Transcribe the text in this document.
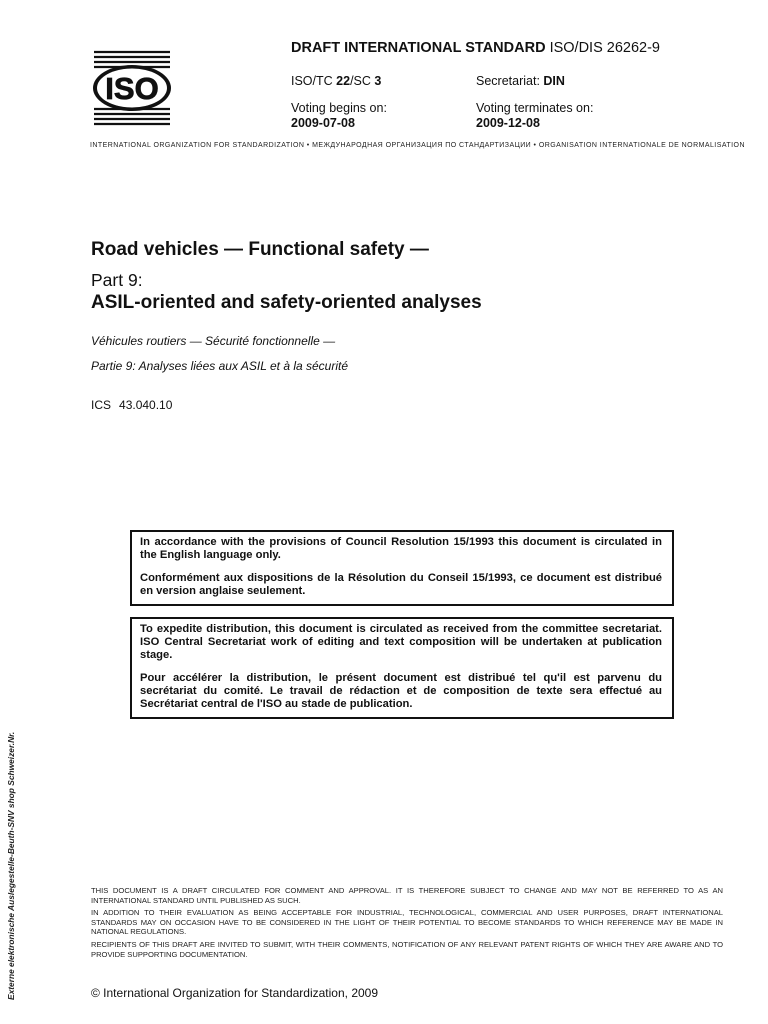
ISO
DRAFT INTERNATIONAL STANDARD ISO/DIS 26262-9
ISO/TC 22/SC 3	Secretariat: DIN
Voting begins on:
2009-07-08
Voting terminates on:
2009-12-08
INTERNATIONAL ORGANIZATION FOR STANDARDIZATION • МЕЖДУНАРОДНАЯ ОРГАНИЗАЦИЯ ПО СТАНДАРТИЗАЦИИ • ORGANISATION INTERNATIONALE DE NORMALISATION
Road vehicles — Functional safety —
Part 9:
ASIL-oriented and safety-oriented analyses
Véhicules routiers — Sécurité fonctionnelle —
Partie 9: Analyses liées aux ASIL et à la sécurité
ICS 43.040.10

In accordance with the provisions of Council Resolution 15/1993 this document is circulated in the English language only.

Conformément aux dispositions de la Résolution du Conseil 15/1993, ce document est distribué en version anglaise seulement.

To expedite distribution, this document is circulated as received from the committee secretariat. ISO Central Secretariat work of editing and text composition will be undertaken at publication stage.

Pour accélérer la distribution, le présent document est distribué tel qu'il est parvenu du secrétariat du comité. Le travail de rédaction et de composition de texte sera effectué au Secrétariat central de l'ISO au stade de publication.

THIS DOCUMENT IS A DRAFT CIRCULATED FOR COMMENT AND APPROVAL. IT IS THEREFORE SUBJECT TO CHANGE AND MAY NOT BE REFERRED TO AS AN INTERNATIONAL STANDARD UNTIL PUBLISHED AS SUCH.

IN ADDITION TO THEIR EVALUATION AS BEING ACCEPTABLE FOR INDUSTRIAL, TECHNOLOGICAL, COMMERCIAL AND USER PURPOSES, DRAFT INTERNATIONAL STANDARDS MAY ON OCCASION HAVE TO BE CONSIDERED IN THE LIGHT OF THEIR POTENTIAL TO BECOME STANDARDS TO WHICH REFERENCE MAY BE MADE IN NATIONAL REGULATIONS.

RECIPIENTS OF THIS DRAFT ARE INVITED TO SUBMIT, WITH THEIR COMMENTS, NOTIFICATION OF ANY RELEVANT PATENT RIGHTS OF WHICH THEY ARE AWARE AND TO PROVIDE SUPPORTING DOCUMENTATION.

© International Organization for Standardization, 2009
Externe elektronische Auslegestelle-Beuth-SNV shop Schweizer.Nr.
